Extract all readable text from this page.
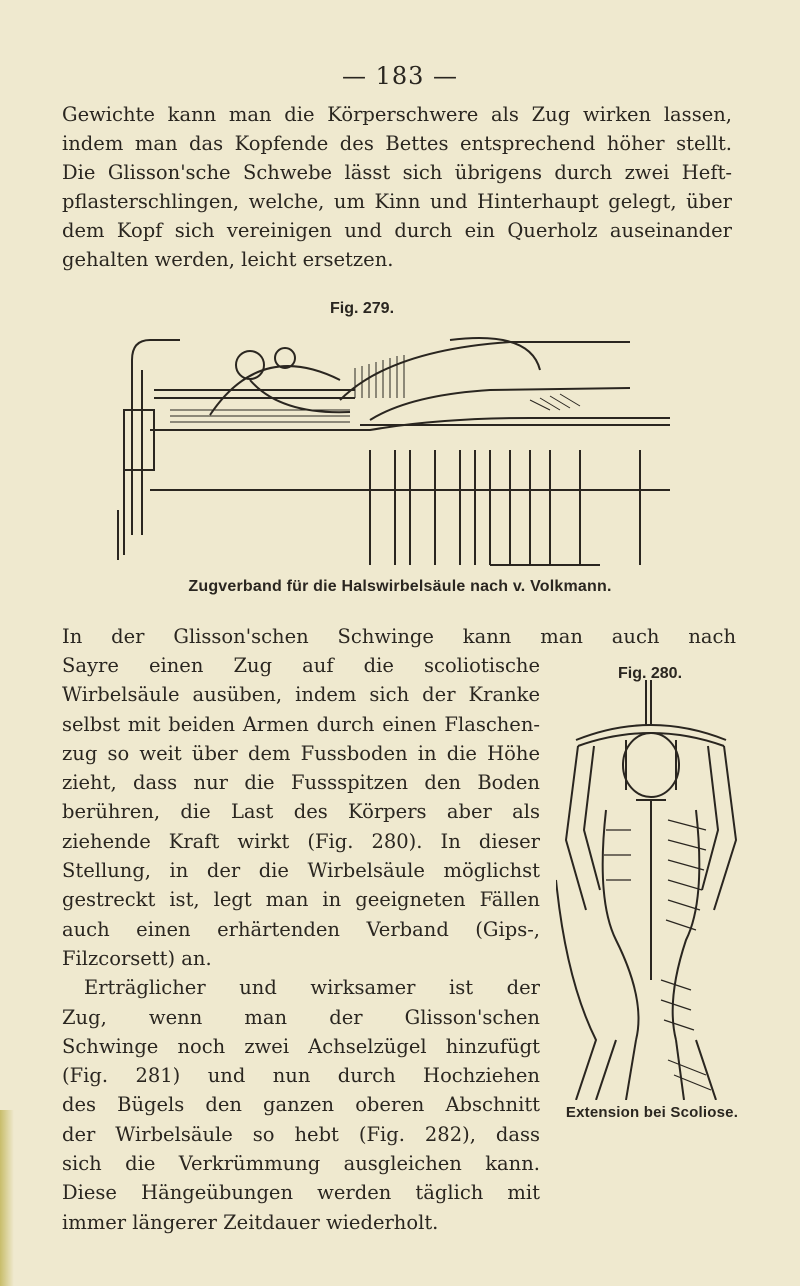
— 183 —
Gewichte kann man die Körperschwere als Zug wirken lassen,
indem man das Kopfende des Bettes entsprechend höher stellt.
Die Glisson'sche Schwebe lässt sich übrigens durch zwei Heft-
pflasterschlingen, welche, um Kinn und Hinterhaupt gelegt, über
dem Kopf sich vereinigen und durch ein Querholz auseinander
gehalten werden, leicht ersetzen.
Fig. 279.
Zugverband für die Halswirbelsäule nach v. Volkmann.
In der Glisson'schen Schwinge kann man auch nach
Sayre einen Zug auf die scoliotische
Wirbelsäule ausüben, indem sich der Kranke
selbst mit beiden Armen durch einen Flaschen-
zug so weit über dem Fussboden in die Höhe
zieht, dass nur die Fussspitzen den Boden
berühren, die Last des Körpers aber als
ziehende Kraft wirkt (Fig. 280). In dieser
Stellung, in der die Wirbelsäule möglichst
gestreckt ist, legt man in geeigneten Fällen
auch einen erhärtenden Verband (Gips-,
Filzcorsett) an.
Erträglicher und wirksamer ist der
Zug, wenn man der Glisson'schen
Schwinge noch zwei Achselzügel hinzufügt
(Fig. 281) und nun durch Hochziehen
des Bügels den ganzen oberen Abschnitt
der Wirbelsäule so hebt (Fig. 282), dass
sich die Verkrümmung ausgleichen kann.
Diese Hängeübungen werden täglich mit
immer längerer Zeitdauer wiederholt.
Fig. 280.
Extension bei Scoliose.
